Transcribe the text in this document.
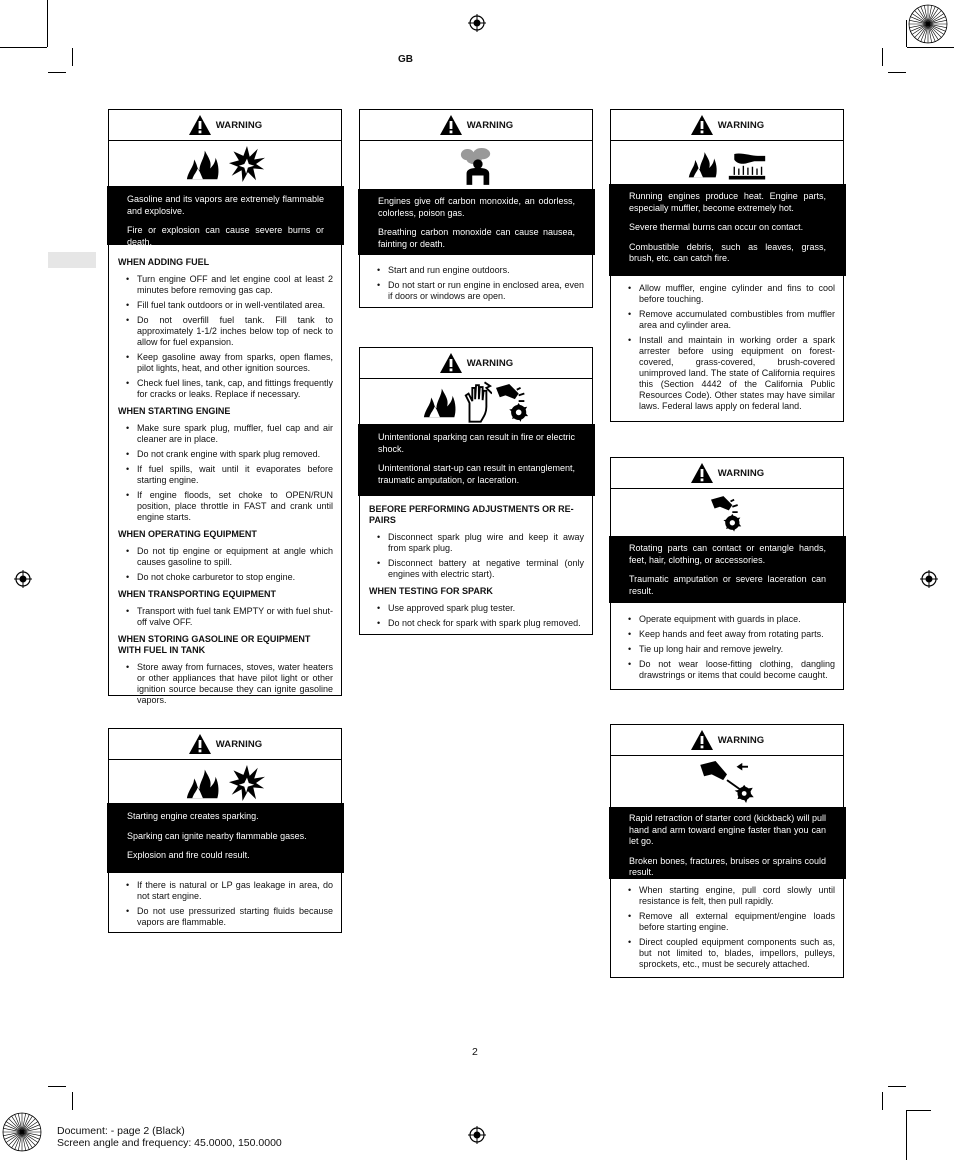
GB
WARNING

Gasoline and its vapors are extremely flammable and explosive.

Fire or explosion can cause severe burns or death.

WHEN ADDING FUEL
• Turn engine OFF and let engine cool at least 2 minutes before removing gas cap.
• Fill fuel tank outdoors or in well-ventilated area.
• Do not overfill fuel tank. Fill tank to approximately 1-1/2 inches below top of neck to allow for fuel expansion.
• Keep gasoline away from sparks, open flames, pilot lights, heat, and other ignition sources.
• Check fuel lines, tank, cap, and fittings frequently for cracks or leaks. Replace if necessary.
WHEN STARTING ENGINE
• Make sure spark plug, muffler, fuel cap and air cleaner are in place.
• Do not crank engine with spark plug removed.
• If fuel spills, wait until it evaporates before starting engine.
• If engine floods, set choke to OPEN/RUN position, place throttle in FAST and crank until engine starts.
WHEN OPERATING EQUIPMENT
• Do not tip engine or equipment at angle which causes gasoline to spill.
• Do not choke carburetor to stop engine.
WHEN TRANSPORTING EQUIPMENT
• Transport with fuel tank EMPTY or with fuel shut-off valve OFF.
WHEN STORING GASOLINE OR EQUIPMENT WITH FUEL IN TANK
• Store away from furnaces, stoves, water heaters or other appliances that have pilot light or other ignition source because they can ignite gasoline vapors.
WARNING

Starting engine creates sparking.

Sparking can ignite nearby flammable gases.

Explosion and fire could result.

• If there is natural or LP gas leakage in area, do not start engine.
• Do not use pressurized starting fluids because vapors are flammable.
WARNING

Engines give off carbon monoxide, an odorless, colorless, poison gas.

Breathing carbon monoxide can cause nausea, fainting or death.

• Start and run engine outdoors.
• Do not start or run engine in enclosed area, even if doors or windows are open.
WARNING

Unintentional sparking can result in fire or electric shock.

Unintentional start-up can result in entanglement, traumatic amputation, or laceration.

BEFORE PERFORMING ADJUSTMENTS OR RE-PAIRS
• Disconnect spark plug wire and keep it away from spark plug.
• Disconnect battery at negative terminal (only engines with electric start).
WHEN TESTING FOR SPARK
• Use approved spark plug tester.
• Do not check for spark with spark plug removed.
WARNING

Running engines produce heat. Engine parts, especially muffler, become extremely hot.

Severe thermal burns can occur on contact.

Combustible debris, such as leaves, grass, brush, etc. can catch fire.

• Allow muffler, engine cylinder and fins to cool before touching.
• Remove accumulated combustibles from muffler area and cylinder area.
• Install and maintain in working order a spark arrester before using equipment on forest-covered, grass-covered, brush-covered unimproved land. The state of California requires this (Section 4442 of the California Public Resources Code). Other states may have similar laws. Federal laws apply on federal land.
WARNING

Rotating parts can contact or entangle hands, feet, hair, clothing, or accessories.

Traumatic amputation or severe laceration can result.

• Operate equipment with guards in place.
• Keep hands and feet away from rotating parts.
• Tie up long hair and remove jewelry.
• Do not wear loose-fitting clothing, dangling drawstrings or items that could become caught.
WARNING

Rapid retraction of starter cord (kickback) will pull hand and arm toward engine faster than you can let go.

Broken bones, fractures, bruises or sprains could result.

• When starting engine, pull cord slowly until resistance is felt, then pull rapidly.
• Remove all external equipment/engine loads before starting engine.
• Direct coupled equipment components such as, but not limited to, blades, impellors, pulleys, sprockets, etc., must be securely attached.
2
Document: - page 2 (Black)
Screen angle and frequency: 45.0000, 150.0000
